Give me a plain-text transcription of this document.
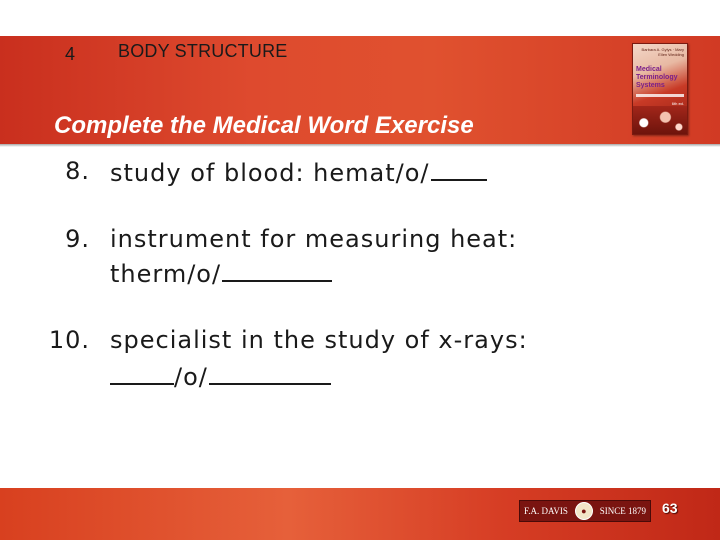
4 BODY STRUCTURE
Complete the Medical Word Exercise
Barbara A. Gylys · Mary Ellen Wedding
Medical Terminology Systems
6th ed.
8. study of blood: hemat/o/
9. instrument for measuring heat:
therm/o/
10. specialist in the study of x-rays:
/o/
F.A. DAVIS	●	SINCE 1879 63
